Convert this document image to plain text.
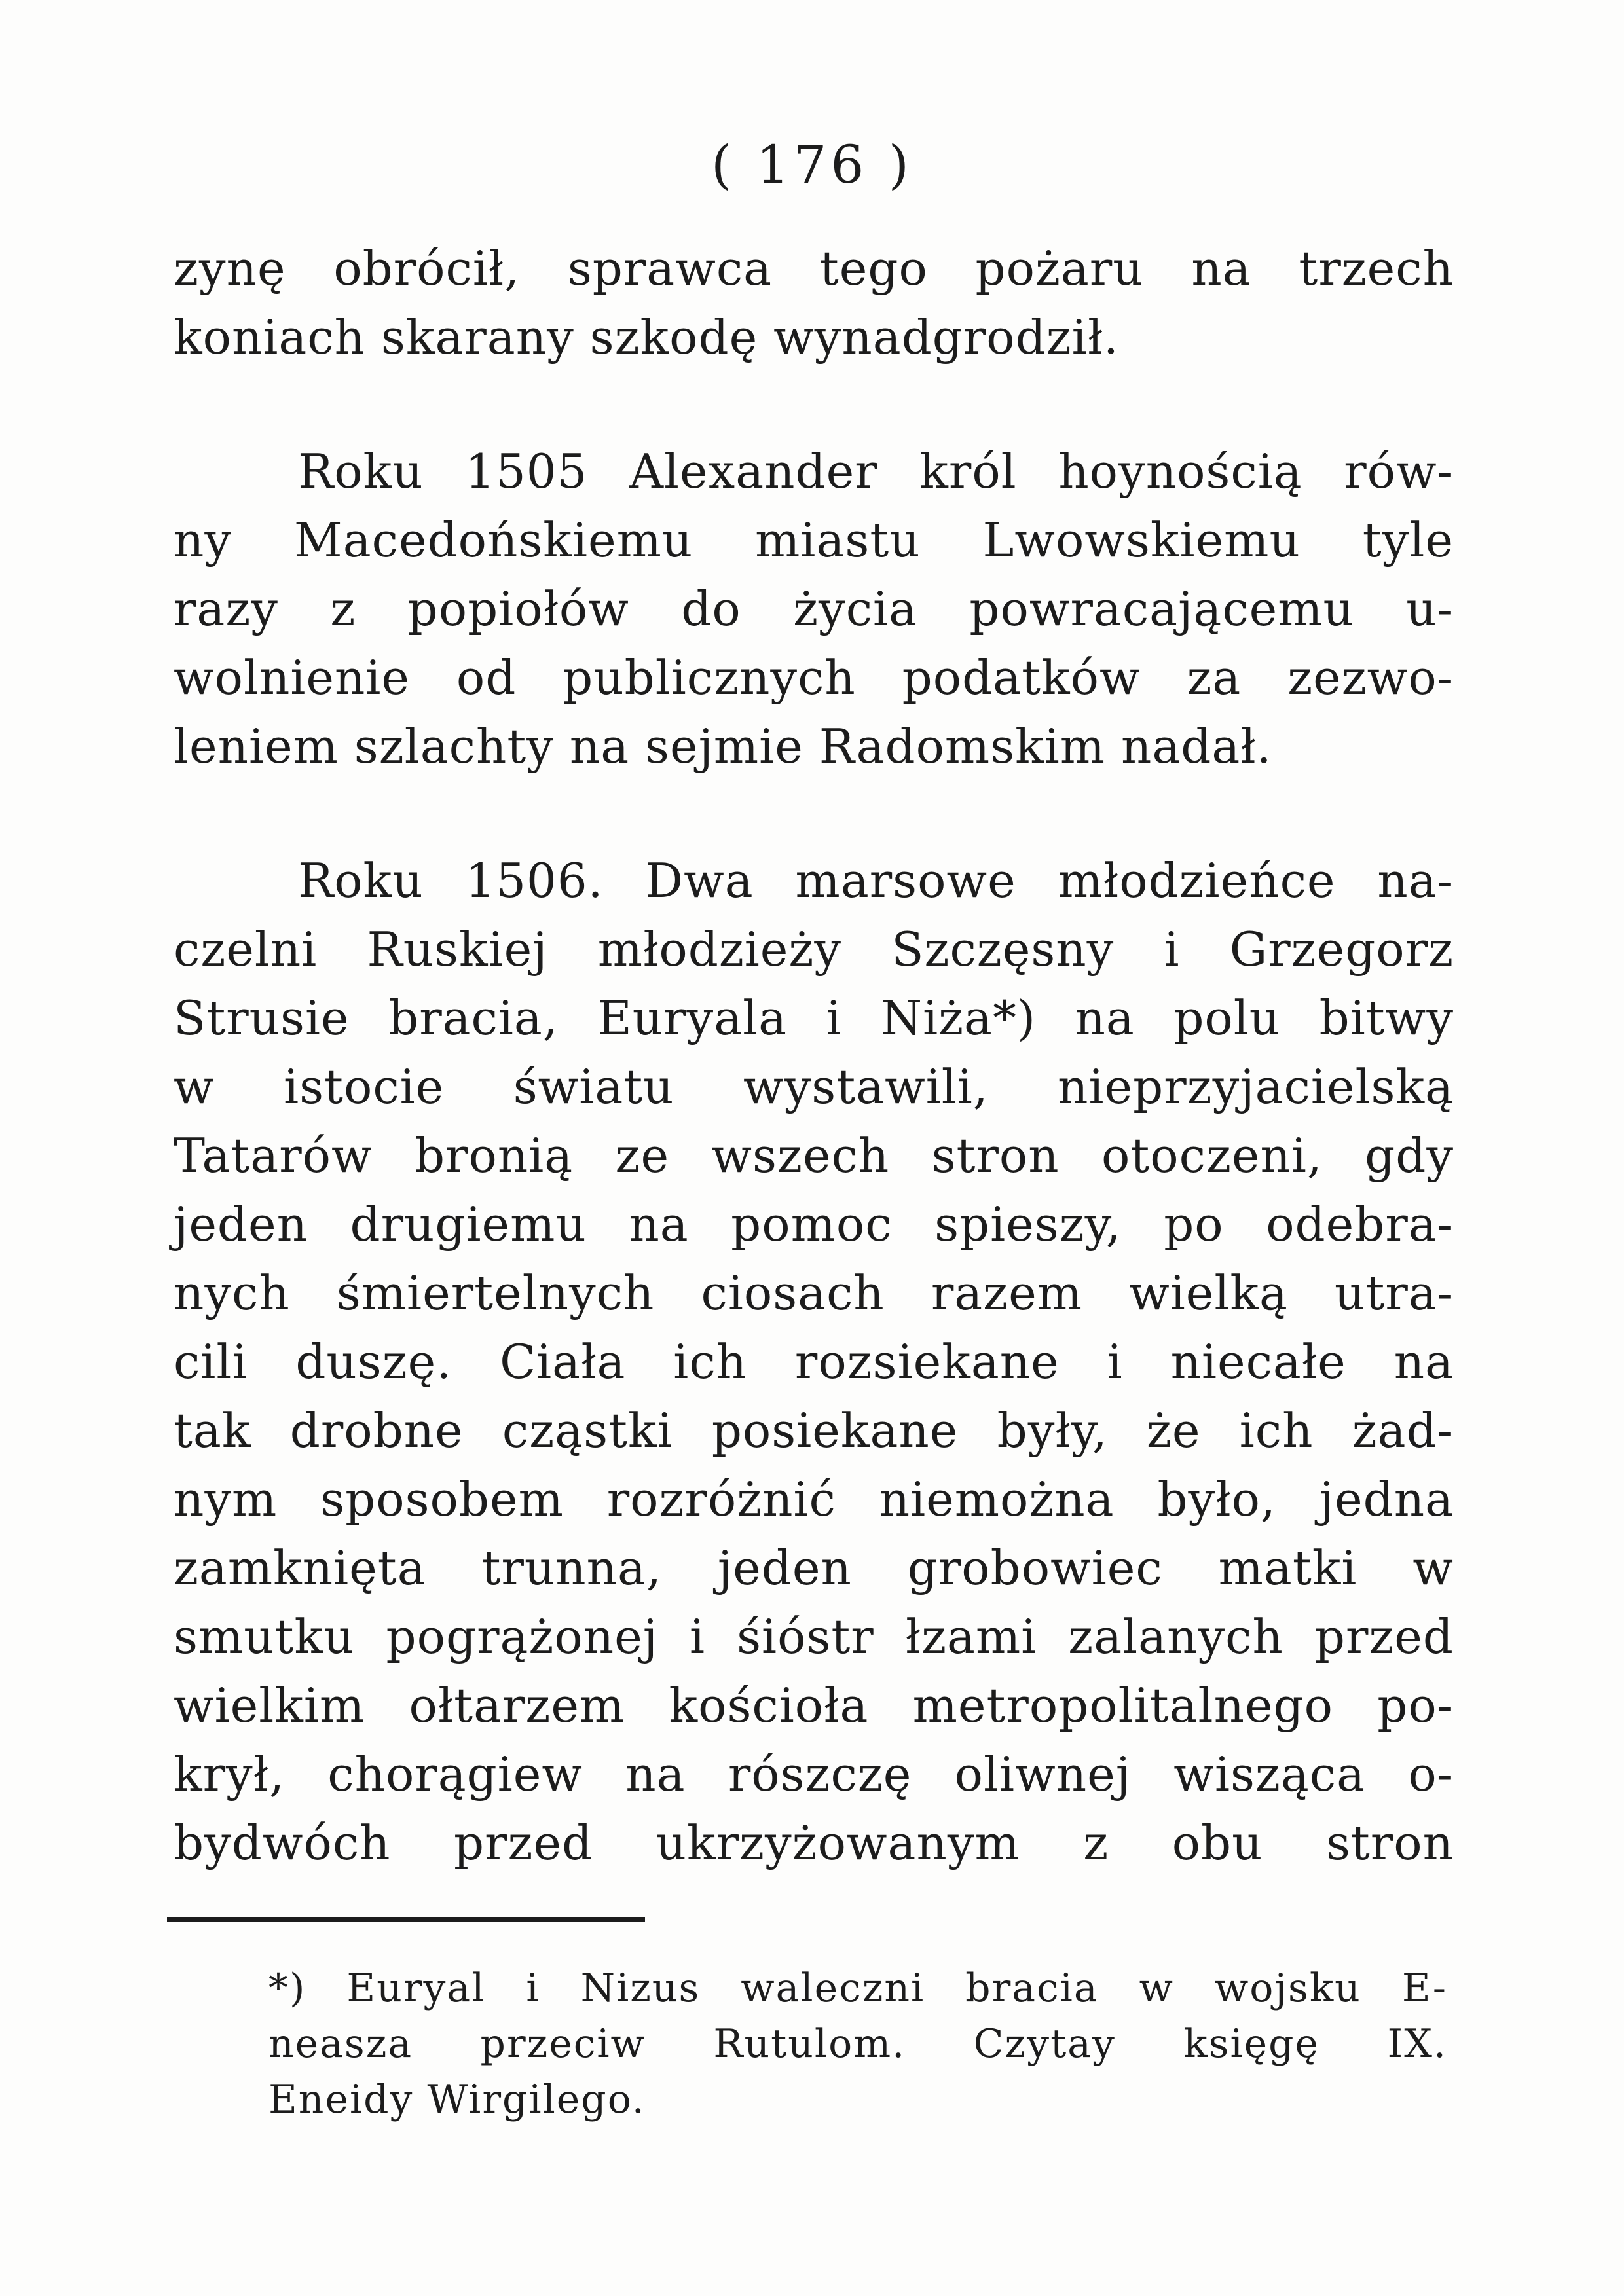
( 176 )
zynę obrócił, sprawca tego pożaru na trzech
koniach skarany szkodę wynadgrodził.
Roku 1505 Alexander król hoynością rów-
ny Macedońskiemu miastu Lwowskiemu tyle
razy z popiołów do życia powracającemu u-
wolnienie od publicznych podatków za zezwo-
leniem szlachty na sejmie Radomskim nadał.
Roku 1506. Dwa marsowe młodzieńce na-
czelni Ruskiej młodzieży Szczęsny i Grzegorz
Strusie bracia, Euryala i Niża*) na polu bitwy
w istocie światu wystawili, nieprzyjacielską
Tatarów bronią ze wszech stron otoczeni, gdy
jeden drugiemu na pomoc spieszy, po odebra-
nych śmiertelnych ciosach razem wielką utra-
cili duszę. Ciała ich rozsiekane i niecałe na
tak drobne cząstki posiekane były, że ich żad-
nym sposobem rozróżnić niemożna było, jedna
zamknięta trunna, jeden grobowiec matki w
smutku pogrążonej i śióstr łzami zalanych przed
wielkim ołtarzem kościoła metropolitalnego po-
krył, chorągiew na rószczę oliwnej wisząca o-
bydwóch przed ukrzyżowanym z obu stron
*) Euryal i Nizus waleczni bracia w wojsku E-
neasza przeciw Rutulom. Czytay księgę IX.
Eneidy Wirgilego.
